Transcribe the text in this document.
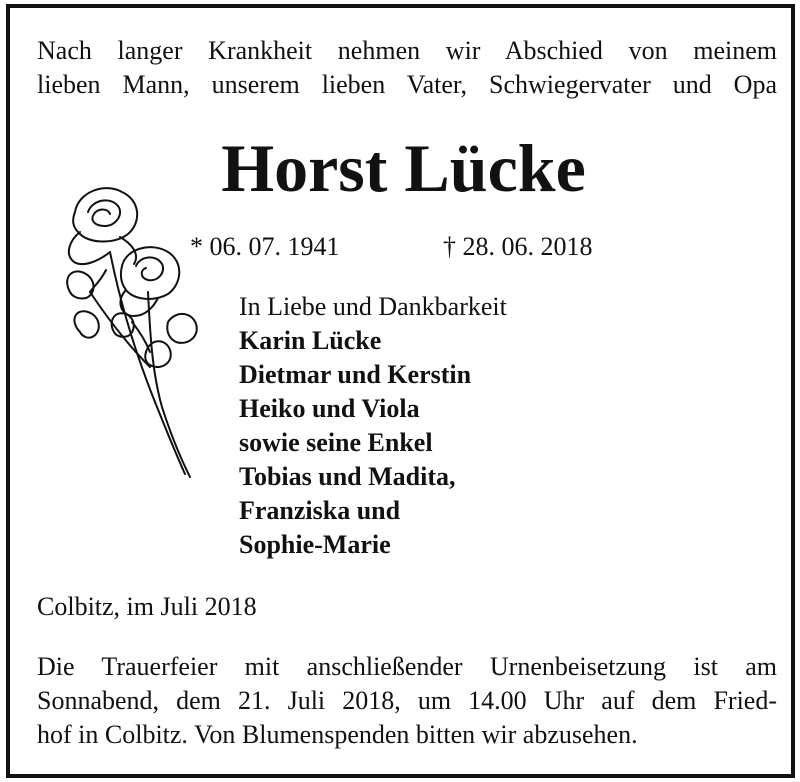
Nach langer Krankheit nehmen wir Abschied von meinem
lieben Mann, unserem lieben Vater, Schwiegervater und Opa
Horst Lücke
* 06. 07. 1941	† 28. 06. 2018
In Liebe und Dankbarkeit
Karin Lücke
Dietmar und Kerstin
Heiko und Viola
sowie seine Enkel
Tobias und Madita,
Franziska und
Sophie-Marie
Colbitz, im Juli 2018
Die Trauerfeier mit anschließender Urnenbeisetzung ist am
Sonnabend, dem 21. Juli 2018, um 14.00 Uhr auf dem Fried-
hof in Colbitz. Von Blumenspenden bitten wir abzusehen.
